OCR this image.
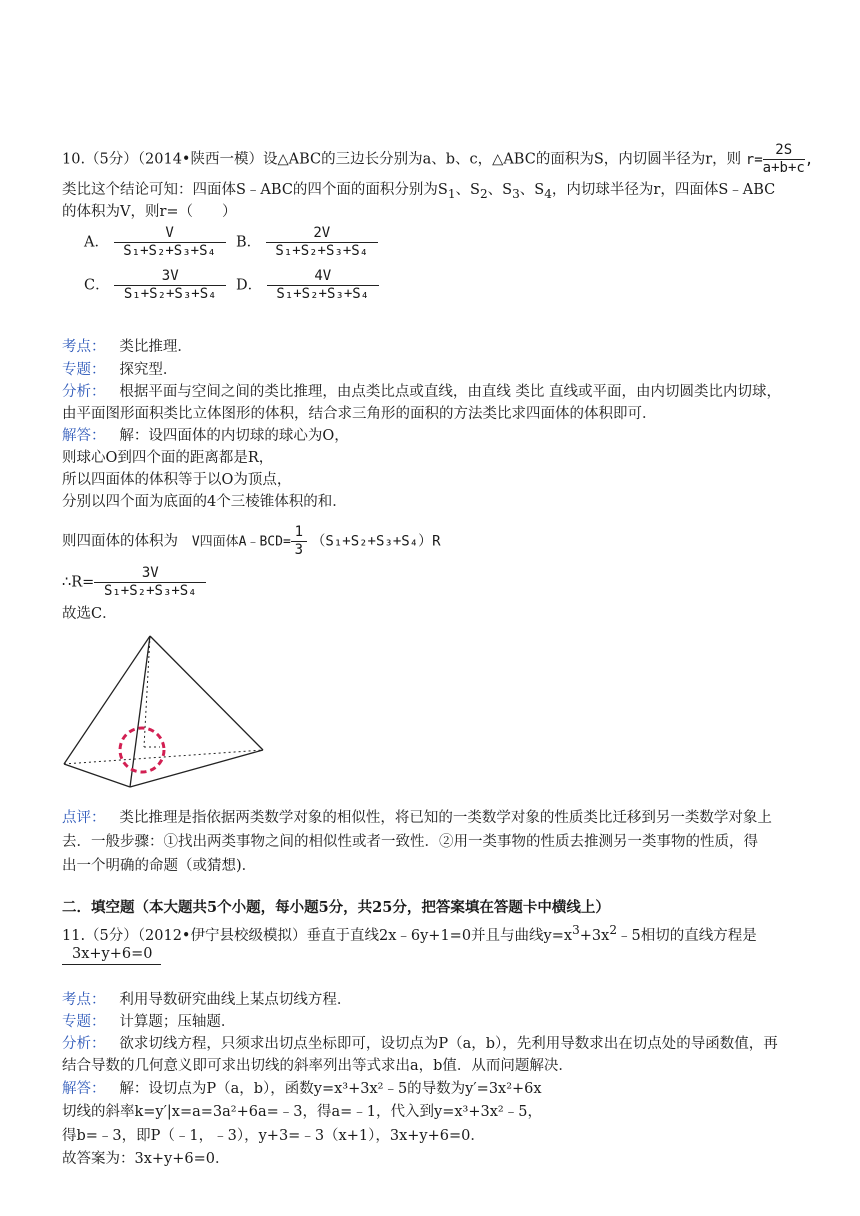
10.（5分）（2014•陕西一模）设△ABC的三边长分别为a、b、c，△ABC的面积为S，内切圆半径为r，则 $r= \frac{2S}{a+b+c}$ ,
类比这个结论可知：四面体S﹣ABC的四个面的面积分别为$S_1$、$S_2$、$S_3$、$S_4$，内切球半径为r，四面体S﹣ABC
的体积为V，则r=（　　）
A． $\frac{V}{\text{S₁+S₂+S₃+S₄}}$ B． $\frac{2V}{\text{S₁+S₂+S₃+S₄}}$
C． $\frac{3V}{\text{S₁+S₂+S₃+S₄}}$ D． $\frac{4V}{\text{S₁+S₂+S₃+S₄}}$
考点： 类比推理．
专题： 探究型．
分析： 根据平面与空间之间的类比推理，由点类比点或直线，由直线 类比 直线或平面，由内切圆类比内切球，
由平面图形面积类比立体图形的体积，结合求三角形的面积的方法类比求四面体的体积即可．
解答： 解：设四面体的内切球的球心为O，
则球心O到四个面的距离都是R，
所以四面体的体积等于以O为顶点，
分别以四个面为底面的4个三棱锥体积的和．
则四面体的体积为 V四面体A﹣BCD= $\frac{1}{3} (S_1+S_2+S_3+S_4)R$
∴R= $\frac{3V}{\text{S₁+S₂+S₃+S₄}}$
故选C．
点评： 类比推理是指依据两类数学对象的相似性，将已知的一类数学对象的性质类比迁移到另一类数学对象上
去．一般步骤：①找出两类事物之间的相似性或者一致性．②用一类事物的性质去推测另一类事物的性质，得
出一个明确的命题（或猜想)．
二．填空题（本大题共5个小题，每小题5分，共25分，把答案填在答题卡中横线上）
11.（5分）（2012•伊宁县校级模拟）垂直于直线2x﹣6y+1=0并且与曲线$y=x^3+3x^2﹣5$相切的直线方程是
3x+y+6=0
考点： 利用导数研究曲线上某点切线方程．
专题： 计算题；压轴题．
分析： 欲求切线方程，只须求出切点坐标即可，设切点为P（a，b），先利用导数求出在切点处的导函数值，再
结合导数的几何意义即可求出切线的斜率列出等式求出a，b值．从而问题解决．
解答： 解：设切点为P（a，b），函数y=x³+3x²﹣5的导数为y′=3x²+6x
切线的斜率k=y′|x=a=3a²+6a=﹣3，得a=﹣1，代入到y=x³+3x²﹣5，
得b=﹣3，即P（﹣1，﹣3），y+3=﹣3（x+1），3x+y+6=0．
故答案为：3x+y+6=0．
